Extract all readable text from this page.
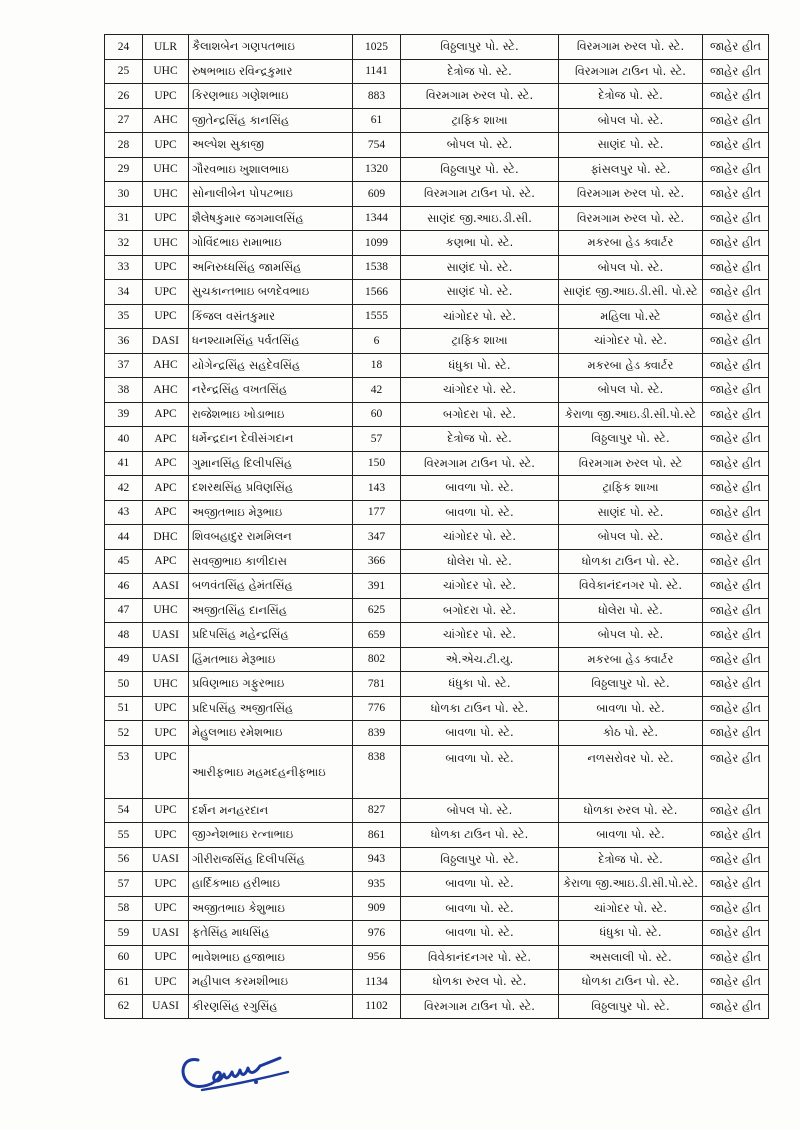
24	ULR	કૈલાશબેન ગણપતભાઇ	1025	વિઠ્ઠલાપુર પો. સ્ટે.	વિરમગામ રુરલ પો. સ્ટે.	જાહેર હીત
25	UHC	રુષભભાઇ રવિન્દ્રકુમાર	1141	દેત્રોજ પો. સ્ટે.	વિરમગામ ટાઉન પો. સ્ટે.	જાહેર હીત
26	UPC	કિરણભાઇ ગણેશભાઇ	883	વિરમગામ રુરલ પો. સ્ટે.	દેત્રોજ પો. સ્ટે.	જાહેર હીત
27	AHC	જીતેન્દ્રસિંહ કાનસિંહ	61	ટ્રાફિક શાખા	બોપલ પો. સ્ટે.	જાહેર હીત
28	UPC	અલ્પેશ સુકાજી	754	બોપલ પો. સ્ટે.	સાણંદ પો. સ્ટે.	જાહેર હીત
29	UHC	ગૌરવભાઇ ખુશાલભાઇ	1320	વિઠ્ઠલાપુર પો. સ્ટે.	ફાંસલપુર પો. સ્ટે.	જાહેર હીત
30	UHC	સોનાલીબેન પોપટભાઇ	609	વિરમગામ ટાઉન પો. સ્ટે.	વિરમગામ રુરલ પો. સ્ટે.	જાહેર હીત
31	UPC	શૈલેષકુમાર જગમાલસિંહ	1344	સાણંદ જી.આઇ.ડી.સી.	વિરમગામ રુરલ પો. સ્ટે.	જાહેર હીત
32	UHC	ગોવિંદભાઇ રામાભાઇ	1099	કણભા પો. સ્ટે.	મકરબા હેડ ક્વાર્ટર	જાહેર હીત
33	UPC	અનિરુધ્ધસિંહ જામસિંહ	1538	સાણંદ પો. સ્ટે.	બોપલ પો. સ્ટે.	જાહેર હીત
34	UPC	સુચકાન્તભાઇ બળદેવભાઇ	1566	સાણંદ પો. સ્ટે.	સાણંદ જી.આઇ.ડી.સી. પો.સ્ટે	જાહેર હીત
35	UPC	કિંજલ વસંતકુમાર	1555	ચાંગોદર પો. સ્ટે.	મહિલા પો.સ્ટે	જાહેર હીત
36	DASI	ધનશ્યામસિંહ પર્વતસિંહ	6	ટ્રાફિક શાખા	ચાંગોદર પો. સ્ટે.	જાહેર હીત
37	AHC	યોગેન્દ્રસિંહ સહદેવસિંહ	18	ધંધુકા પો. સ્ટે.	મકરબા હેડ ક્વાર્ટર	જાહેર હીત
38	AHC	નરેન્દ્રસિંહ વખતસિંહ	42	ચાંગોદર પો. સ્ટે.	બોપલ પો. સ્ટે.	જાહેર હીત
39	APC	રાજેશભાઇ ખોડાભાઇ	60	બગોદરા પો. સ્ટે.	કેરાળા જી.આઇ.ડી.સી.પો.સ્ટે	જાહેર હીત
40	APC	ધર્મેન્દ્રદાન દેવીસંગદાન	57	દેત્રોજ પો. સ્ટે.	વિઠ્ઠલાપુર પો. સ્ટે.	જાહેર હીત
41	APC	ગુમાનસિંહ દિલીપસિંહ	150	વિરમગામ ટાઉન પો. સ્ટે.	વિરમગામ રુરલ પો. સ્ટે	જાહેર હીત
42	APC	દશરથસિંહ પ્રવિણસિંહ	143	બાવળા પો. સ્ટે.	ટ્રાફિક શાખા	જાહેર હીત
43	APC	અજીતભાઇ મેરૂભાઇ	177	બાવળા પો. સ્ટે.	સાણંદ પો. સ્ટે.	જાહેર હીત
44	DHC	શિવબહાદુર રામમિલન	347	ચાંગોદર પો. સ્ટે.	બોપલ પો. સ્ટે.	જાહેર હીત
45	APC	સવજીભાઇ કાળીદાસ	366	ધોલેરા પો. સ્ટે.	ધોળકા ટાઉન પો. સ્ટે.	જાહેર હીત
46	AASI	બળવંતસિંહ હેમંતસિંહ	391	ચાંગોદર પો. સ્ટે.	વિવેકાનંદનગર પો. સ્ટે.	જાહેર હીત
47	UHC	અજીતસિંહ દાનસિંહ	625	બગોદરા પો. સ્ટે.	ધોલેરા પો. સ્ટે.	જાહેર હીત
48	UASI	પ્રદિપસિંહ મહેન્દ્રસિંહ	659	ચાંગોદર પો. સ્ટે.	બોપલ પો. સ્ટે.	જાહેર હીત
49	UASI	હિંમતભાઇ મેરૂભાઇ	802	એ.એચ.ટી.યુ.	મકરબા હેડ ક્વાર્ટર	જાહેર હીત
50	UHC	પ્રવિણભાઇ ગફુરભાઇ	781	ધંધુકા પો. સ્ટે.	વિઠ્ઠલાપુર પો. સ્ટે.	જાહેર હીત
51	UPC	પ્રદિપસિંહ અજીતસિંહ	776	ધોળકા ટાઉન પો. સ્ટે.	બાવળા પો. સ્ટે.	જાહેર હીત
52	UPC	મેહુલભાઇ રમેશભાઇ	839	બાવળા પો. સ્ટે.	કોઠ પો. સ્ટે.	જાહેર હીત
53	UPC	આરીફભાઇ મહમદહનીફભાઇ	838	બાવળા પો. સ્ટે.	નળસરોવર પો. સ્ટે.	જાહેર હીત
54	UPC	દર્શન મનહરદાન	827	બોપલ પો. સ્ટે.	ધોળકા રુરલ પો. સ્ટે.	જાહેર હીત
55	UPC	જીગ્નેશભાઇ રત્નાભાઇ	861	ધોળકા ટાઉન પો. સ્ટે.	બાવળા પો. સ્ટે.	જાહેર હીત
56	UASI	ગીરીરાજસિંહ દિલીપસિંહ	943	વિઠ્ઠલાપુર પો. સ્ટે.	દેત્રોજ પો. સ્ટે.	જાહેર હીત
57	UPC	હાર્દિકભાઇ હરીભાઇ	935	બાવળા પો. સ્ટે.	કેરાળા જી.આઇ.ડી.સી.પો.સ્ટે.	જાહેર હીત
58	UPC	અજીતભાઇ કેશુભાઇ	909	બાવળા પો. સ્ટે.	ચાંગોદર પો. સ્ટે.	જાહેર હીત
59	UASI	ફતેસિંહ માધસિંહ	976	બાવળા પો. સ્ટે.	ધંધુકા પો. સ્ટે.	જાહેર હીત
60	UPC	ભાવેશભાઇ હજાભાઇ	956	વિવેકાનંદનગર પો. સ્ટે.	અસલાલી પો. સ્ટે.	જાહેર હીત
61	UPC	મહીપાલ કરમશીભાઇ	1134	ધોળકા રુરલ પો. સ્ટે.	ધોળકા ટાઉન પો. સ્ટે.	જાહેર હીત
62	UASI	કીરણસિંહ રગુસિંહ	1102	વિરમગામ ટાઉન પો. સ્ટે.	વિઠ્ઠલાપુર પો. સ્ટે.	જાહેર હીત
